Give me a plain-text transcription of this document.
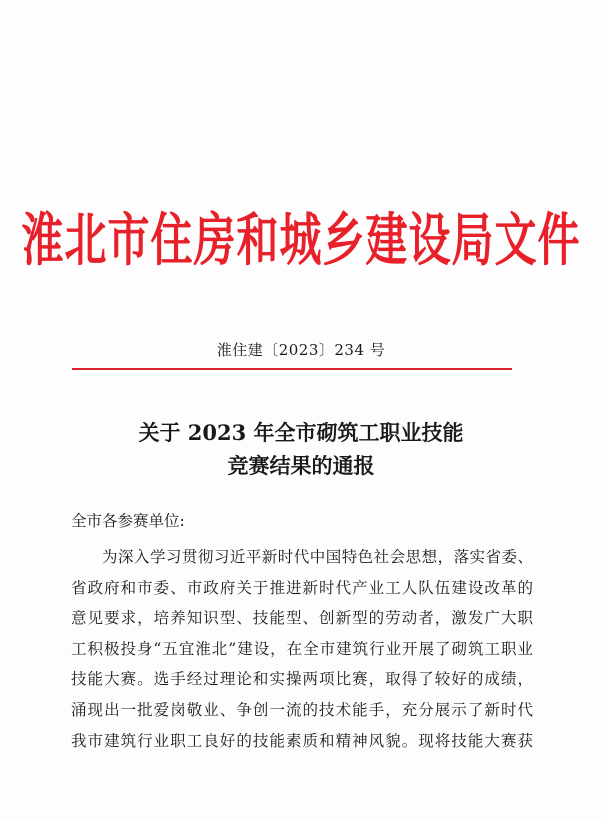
淮北市住房和城乡建设局文件
淮住建〔2023〕234 号
关于 2023 年全市砌筑工职业技能
竞赛结果的通报
全市各参赛单位:
为深入学习贯彻习近平新时代中国特色社会思想，落实省委、
省政府和市委、市政府关于推进新时代产业工人队伍建设改革的
意见要求，培养知识型、技能型、创新型的劳动者，激发广大职
工积极投身“五宜淮北”建设，在全市建筑行业开展了砌筑工职业
技能大赛。选手经过理论和实操两项比赛，取得了较好的成绩，
涌现出一批爱岗敬业、争创一流的技术能手，充分展示了新时代
我市建筑行业职工良好的技能素质和精神风貌。现将技能大赛获
